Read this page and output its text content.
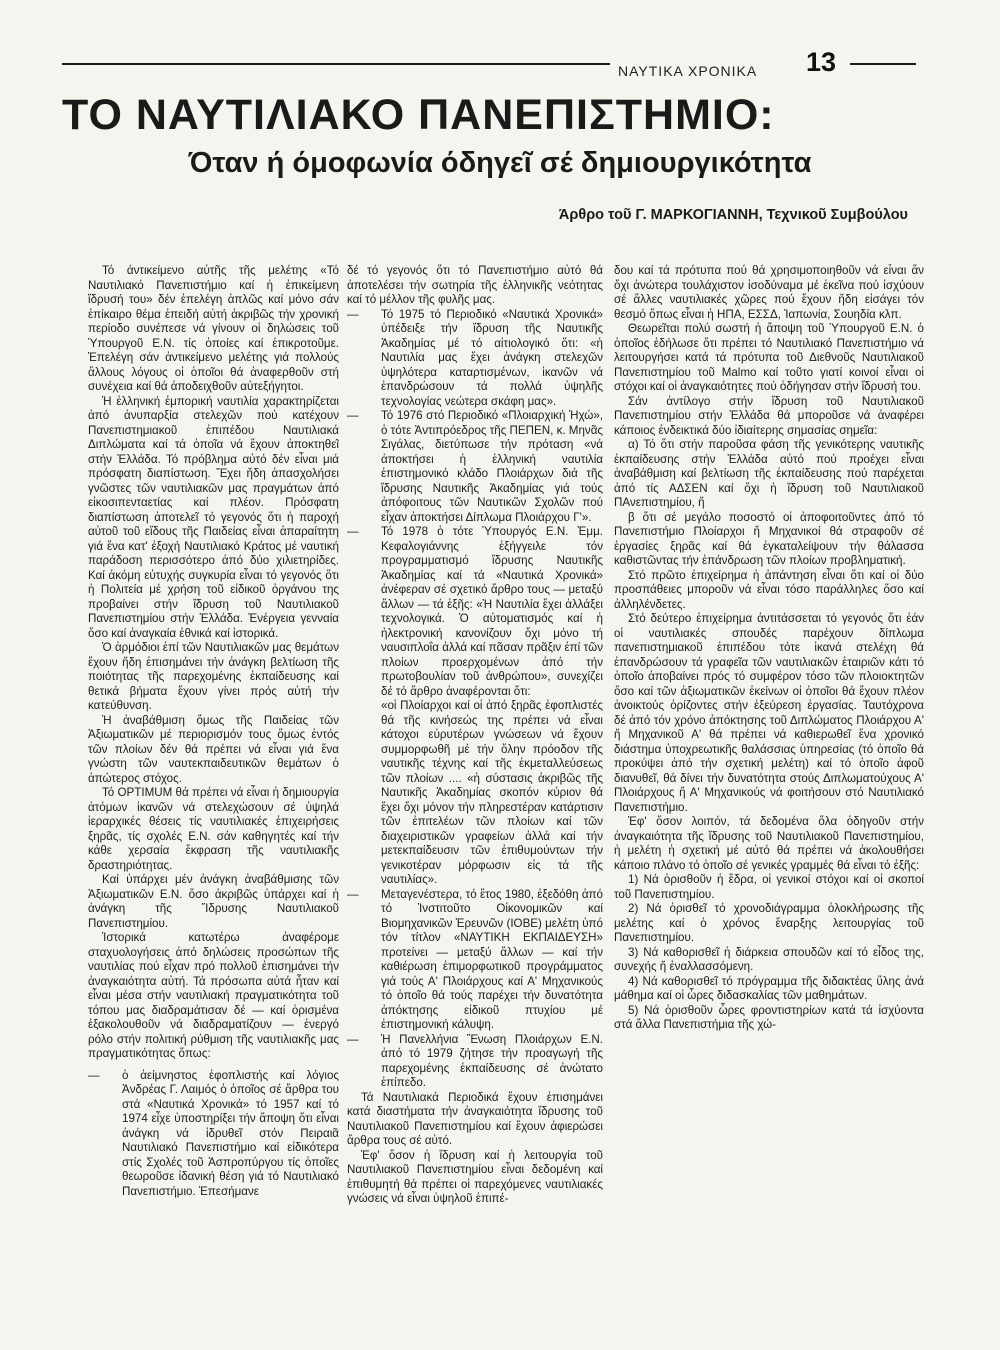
ΝΑΥΤΙΚΑ ΧΡΟΝΙΚΑ 13
ΤΟ ΝΑΥΤΙΛΙΑΚΟ ΠΑΝΕΠΙΣΤΗΜΙΟ:
Όταν ή όμοφωνία όδηγεῖ σέ δημιουργικότητα
Άρθρο τοῦ Γ. ΜΑΡΚΟΓΙΑΝΝΗ, Τεχνικοῦ Συμβούλου

Τό άντικείμενο αὐτῆς τῆς μελέτης «Τό Ναυτιλιακό Πανεπιστήμιο καί ἡ ἐπικείμενη ἴδρυσή του» δέν ἐπελέγη ἁπλῶς καί μόνο σάν ἐπίκαιρο θέμα ἐπειδή αὐτή ἀκριβῶς τήν χρονική περίοδο συνέπεσε νά γίνουν οἱ δηλώσεις τοῦ Ὑπουργοῦ Ε.Ν. τίς ὁποίες καί ἐπικροτοῦμε. Ἐπελέγη σάν ἀντικείμενο μελέτης γιά πολλούς ἄλλους λόγους οἱ ὁποῖοι θά ἀναφερθοῦν στή συνέχεια καί θά ἀποδειχθοῦν αὐτεξήγητοι.

Ἡ ἑλληνική ἐμπορική ναυτιλία χαρακτηρίζεται ἀπό ἀνυπαρξία στελεχῶν πού κατέχουν Πανεπιστημιακοῦ ἐπιπέδου Ναυτιλιακά Διπλώματα καί τά ὁποῖα νά ἔχουν ἀποκτηθεῖ στήν Ἑλλάδα. Τό πρόβλημα αὐτό δέν εἶναι μιά πρόσφατη διαπίστωση. Ἔχει ἤδη ἀπασχολήσει γνῶστες τῶν ναυτιλιακῶν μας πραγμάτων ἀπό εἰκοσιπενταετίας καί πλέον. Πρόσφατη διαπίστωση ἀποτελεῖ τό γεγονός ὅτι ἡ παροχή αὐτοῦ τοῦ εἴδους τῆς Παιδείας εἶναι ἀπαραίτητη γιά ἕνα κατ' ἐξοχή Ναυτιλιακό Κράτος μέ ναυτική παράδοση περισσότερο ἀπό δύο χιλιετηρίδες. Καί ἀκόμη εὐτυχής συγκυρία εἶναι τό γεγονός ὅτι ἡ Πολιτεία μέ χρήση τοῦ εἰδικοῦ ὀργάνου της προβαίνει στήν ἵδρυση τοῦ Ναυτιλιακοῦ Πανεπιστημίου στήν Ἑλλάδα. Ἐνέργεια γενναία ὅσο καί ἀναγκαία ἐθνικά καί ἱστορικά.

Ὁ ἁρμόδιοι ἐπί τῶν Ναυτιλιακῶν μας θεμάτων ἔχουν ἤδη ἐπισημάνει τήν ἀνάγκη βελτίωση τῆς ποιότητας τῆς παρεχομένης ἐκπαίδευσης καί θετικά βήματα ἔχουν γίνει πρός αὐτή τήν κατεύθυνση.

Ἡ ἀναβάθμιση ὅμως τῆς Παιδείας τῶν Ἀξιωματικῶν μέ περιορισμόν τους ὅμως ἐντός τῶν πλοίων δέν θά πρέπει νά εἶναι γιά ἕνα γνώστη τῶν ναυτεκπαιδευτικῶν θεμάτων ὁ ἀπώτερος στόχος.

Τό OPTIMUM θά πρέπει νά εἶναι ἡ δημιουργία ἀτόμων ἱκανῶν νά στελεχώσουν σέ ὑψηλά ἱεραρχικές θέσεις τίς ναυτιλιακές ἐπιχειρήσεις ξηρᾶς, τίς σχολές Ε.Ν. σάν καθηγητές καί τήν κάθε χερσαία ἔκφραση τῆς ναυτιλιακῆς δραστηριότητας.

Καί ὑπάρχει μέν ἀνάγκη ἀναβάθμισης τῶν Ἀξιωματικῶν Ε.Ν. ὅσο ἀκριβῶς ὑπάρχει καί ἡ ἀνάγκη τῆς Ἵδρυσης Ναυτιλιακοῦ Πανεπιστημίου.

Ἱστορικά κατωτέρω ἀναφέρομε σταχυολογήσεις ἀπό δηλώσεις προσώπων τῆς ναυτιλίας πού εἶχαν πρό πολλοῦ ἐπισημάνει τήν ἀναγκαιότητα αὐτή. Τά πρόσωπα αὐτά ἦταν καί εἶναι μέσα στήν ναυτιλιακή πραγματικότητα τοῦ τόπου μας διαδραμάτισαν δέ — καί ὁρισμένα ἐξακολουθοῦν νά διαδραματίζουν — ἐνεργό ρόλο στήν πολιτική ρύθμιση τῆς ναυτιλιακῆς μας πραγματικότητας ὅπως:

— ὁ ἀείμνηστος ἐφοπλιστής καί λόγιος Ἀνδρέας Γ. Λαιμός ὁ ὁποῖος σέ ἄρθρα του στά «Ναυτικά Χρονικά» τό 1957 καί τό 1974 εἶχε ὑποστηρίξει τήν ἄποψη ὅτι εἶναι ἀνάγκη νά ἱδρυθεῖ στόν Πειραιᾶ Ναυτιλιακό Πανεπιστήμιο καί εἰδικότερα στίς Σχολές τοῦ Ἀσπροπύργου τίς ὁποῖες θεωροῦσε ἰδανική θέση γιά τό Ναυτιλιακό Πανεπιστήμιο. Ἐπεσήμανε

δέ τό γεγονός ὅτι τό Πανεπιστήμιο αὐτό θά ἀποτελέσει τήν σωτηρία τῆς ἑλληνικῆς νεότητας καί τό μέλλον τῆς φυλῆς μας.

— Τό 1975 τό Περιοδικό «Ναυτικά Χρονικά» ὑπέδειξε τήν ἵδρυση τῆς Ναυτικῆς Ἀκαδημίας μέ τό αἰτιολογικό ὅτι: «ἡ Ναυτιλία μας ἔχει ἀνάγκη στελεχῶν ὑψηλότερα καταρτισμένων, ἱκανῶν νά ἐπανδρώσουν τά πολλά ὑψηλῆς τεχνολογίας νεώτερα σκάφη μας».

— Τό 1976 στό Περιοδικό «Πλοιαρχική Ἠχώ», ὁ τότε Ἀντιπρόεδρος τῆς ΠΕΠΕΝ, κ. Μηνᾶς Σιγάλας, διετύπωσε τήν πρόταση «νά ἀποκτήσει ἡ ἑλληνική ναυτιλία ἐπιστημονικό κλάδο Πλοιάρχων διά τῆς ἵδρυσης Ναυτικῆς Ἀκαδημίας γιά τούς ἀπόφοιτους τῶν Ναυτικῶν Σχολῶν πού εἶχαν ἀποκτήσει Δίπλωμα Πλοιάρχου Γ'».

— Τό 1978 ὁ τότε Ὑπουργός Ε.Ν. Ἐμμ. Κεφαλογιάννης ἐξήγγειλε τόν προγραμματισμό ἵδρυσης Ναυτικῆς Ἀκαδημίας καί τά «Ναυτικά Χρονικά» ἀνέφεραν σέ σχετικό ἄρθρο τους — μεταξύ ἄλλων — τά ἑξῆς: «Ἡ Ναυτιλία ἔχει ἀλλάξει τεχνολογικά. Ὁ αὐτοματισμός καί ἡ ἠλεκτρονική κανονίζουν ὄχι μόνο τή ναυσιπλοΐα ἀλλά καί πᾶσαν πρᾶξιν ἐπί τῶν πλοίων προερχομένων ἀπό τήν πρωτοβουλίαν τοῦ ἀνθρώπου», συνεχίζει δέ τό ἄρθρο ἀναφέρονται ὅτι:

«οἱ Πλοίαρχοι καί οἱ ἀπό ξηρᾶς ἐφοπλιστές θά τῆς κινήσεώς της πρέπει νά εἶναι κάτοχοι εὐρυτέρων γνώσεων νά ἔχουν συμμορφωθῆ μέ τήν ὅλην πρόοδον τῆς ναυτικῆς τέχνης καί τῆς ἐκμεταλλεύσεως τῶν πλοίων .... «ἡ σύστασις ἀκριβῶς τῆς Ναυτικῆς Ἀκαδημίας σκοπόν κύριον θά ἔχει ὄχι μόνον τήν πληρεστέραν κατάρτισιν τῶν ἐπιτελέων τῶν πλοίων καί τῶν διαχειριστικῶν γραφείων ἀλλά καί τήν μετεκπαίδευσιν τῶν ἐπιθυμούντων τήν γενικοτέραν μόρφωσιν εἰς τά τῆς ναυτιλίας».

— Μεταγενέστερα, τό ἔτος 1980, ἐξεδόθη ἀπό τό Ἰνστιτοῦτο Οἰκονομικῶν καί Βιομηχανικῶν Ἐρευνῶν (ΙΟΒΕ) μελέτη ὑπό τόν τίτλον «ΝΑΥΤΙΚΗ ΕΚΠΑΙΔΕΥΣΗ» προτείνει — μεταξύ ἄλλων — καί τήν καθιέρωση ἐπιμορφωτικοῦ προγράμματος γιά τούς Α' Πλοιάρχους καί Α' Μηχανικούς τό ὁποῖο θά τούς παρέχει τήν δυνατότητα ἀπόκτησης εἰδικοῦ πτυχίου μέ ἐπιστημονική κάλυψη.

— Ἡ Πανελλήνια Ἕνωση Πλοιάρχων Ε.Ν. ἀπό τό 1979 ζήτησε τήν προαγωγή τῆς παρεχομένης ἐκπαίδευσης σέ ἀνώτατο ἐπίπεδο.

Τά Ναυτιλιακά Περιοδικά ἔχουν ἐπισημάνει κατά διαστήματα τήν ἀναγκαιότητα ἵδρυσης τοῦ Ναυτιλιακοῦ Πανεπιστημίου καί ἔχουν ἀφιερώσει ἄρθρα τους σέ αὐτό.

Ἐφ' ὅσον ἡ ἵδρυση καί ἡ λειτουργία τοῦ Ναυτιλιακοῦ Πανεπιστημίου εἶναι δεδομένη καί ἐπιθυμητή θά πρέπει οἱ παρεχόμενες ναυτιλιακές γνώσεις νά εἶναι ὑψηλοῦ ἐπιπέ-

δου καί τά πρότυπα πού θά χρησιμοποιηθοῦν νά εἶναι ἄν ὄχι ἀνώτερα τουλάχιστον ἰσοδύναμα μέ ἐκεῖνα πού ἰσχύουν σέ ἄλλες ναυτιλιακές χῶρες πού ἔχουν ἤδη εἰσάγει τόν θεσμό ὅπως εἶναι ἡ ΗΠΑ, ΕΣΣΔ, Ἰαπωνία, Σουηδία κλπ.

Θεωρεῖται πολύ σωστή ἡ ἄποψη τοῦ Ὑπουργοῦ Ε.Ν. ὁ ὁποῖος ἐδήλωσε ὅτι πρέπει τό Ναυτιλιακό Πανεπιστήμιο νά λειτουργήσει κατά τά πρότυπα τοῦ Διεθνοῦς Ναυτιλιακοῦ Πανεπιστημίου τοῦ Malmo καί τοῦτο γιατί κοινοί εἶναι οἱ στόχοι καί οἱ ἀναγκαιότητες πού ὁδήγησαν στήν ἵδρυσή του.

Σάν ἀντίλογο στήν ἵδρυση τοῦ Ναυτιλιακοῦ Πανεπιστημίου στήν Ἑλλάδα θά μποροῦσε νά ἀναφέρει κάποιος ἐνδεικτικά δύο ἰδιαίτερης σημασίας σημεῖα:

α) Τό ὅτι στήν παροῦσα φάση τῆς γενικότερης ναυτικῆς ἐκπαίδευσης στήν Ἑλλάδα αὐτό πού προέχει εἶναι ἀναβάθμιση καί βελτίωση τῆς ἐκπαίδευσης πού παρέχεται ἀπό τίς ΑΔΣΕΝ καί ὄχι ἡ ἵδρυση τοῦ Ναυτιλιακοῦ ΠΑνεπιστημίου, ἤ

β ὅτι σέ μεγάλο ποσοστό οἱ ἀποφοιτοῦντες ἀπό τό Πανεπιστήμιο Πλοίαρχοι ἤ Μηχανικοί θά στραφοῦν σέ ἐργασίες ξηρᾶς καί θά ἐγκαταλείψουν τήν θάλασσα καθιστῶντας τήν ἐπάνδρωση τῶν πλοίων προβληματική.

Στό πρῶτο ἐπιχείρημα ἡ ἀπάντηση εἶναι ὅτι καί οἱ δύο προσπάθειες μποροῦν νά εἶναι τόσο παράλληλες ὅσο καί ἀλληλένδετες.

Στό δεύτερο ἐπιχείρημα ἀντιτάσσεται τό γεγονός ὅτι ἐάν οἱ ναυτιλιακές σπουδές παρέχουν δίπλωμα πανεπιστημιακοῦ ἐπιπέδου τότε ἱκανά στελέχη θά ἐπανδρώσουν τά γραφεῖα τῶν ναυτιλιακῶν ἑταιριῶν κάτι τό ὁποῖο ἀποβαίνει πρός τό συμφέρον τόσο τῶν πλοιοκτητῶν ὅσο καί τῶν ἀξιωματικῶν ἐκείνων οἱ ὁποῖοι θά ἔχουν πλέον ἀνοικτούς ὁρίζοντες στήν ἐξεύρεση ἐργασίας. Ταυτόχρονα δέ ἀπό τόν χρόνο ἀπόκτησης τοῦ Διπλώματος Πλοιάρχου Α' ἤ Μηχανικοῦ Α' θά πρέπει νά καθιερωθεῖ ἕνα χρονικό διάστημα ὑποχρεωτικῆς θαλάσσιας ὑπηρεσίας (τό ὁποῖο θά προκύψει ἀπό τήν σχετική μελέτη) καί τό ὁποῖο ἀφοῦ διανυθεῖ, θά δίνει τήν δυνατότητα στούς Διπλωματούχους Α' Πλοιάρχους ἤ Α' Μηχανικούς νά φοιτήσουν στό Ναυτιλιακό Πανεπιστήμιο.

Ἐφ' ὅσον λοιπόν, τά δεδομένα ὅλα ὁδηγοῦν στήν ἀναγκαιότητα τῆς ἵδρυσης τοῦ Ναυτιλιακοῦ Πανεπιστημίου, ἡ μελέτη ἡ σχετική μέ αὐτό θά πρέπει νά ἀκολουθήσει κάποιο πλάνο τό ὁποῖο σέ γενικές γραμμές θά εἶναι τό ἑξῆς:

1) Νά ὁρισθοῦν ἡ ἕδρα, οἱ γενικοί στόχοι καί οἱ σκοποί τοῦ Πανεπιστημίου.

2) Νά ὁρισθεῖ τό χρονοδιάγραμμα ὁλοκλήρωσης τῆς μελέτης καί ὁ χρόνος ἔναρξης λειτουργίας τοῦ Πανεπιστημίου.

3) Νά καθορισθεῖ ἡ διάρκεια σπουδῶν καί τό εἶδος της, συνεχής ἤ ἐναλλασσόμενη.

4) Νά καθορισθεῖ τό πρόγραμμα τῆς διδακτέας ὕλης ἀνά μάθημα καί οἱ ὧρες διδασκαλίας τῶν μαθημάτων.

5) Νά ὁρισθοῦν ὧρες φροντιστηρίων κατά τά ἰσχύοντα στά ἄλλα Πανεπιστήμια τῆς χώ-
